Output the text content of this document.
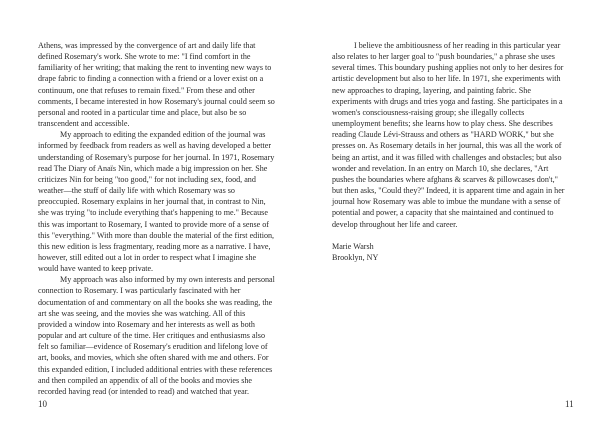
Athens, was impressed by the convergence of art and daily life that defined Rosemary's work. She wrote to me: "I find comfort in the familiarity of her writing; that making the rent to inventing new ways to drape fabric to finding a connection with a friend or a lover exist on a continuum, one that refuses to remain fixed." From these and other comments, I became interested in how Rosemary's journal could seem so personal and rooted in a particular time and place, but also be so transcendent and accessible.

My approach to editing the expanded edition of the journal was informed by feedback from readers as well as having developed a better understanding of Rosemary's purpose for her journal. In 1971, Rosemary read The Diary of Anaïs Nin, which made a big impression on her. She criticizes Nin for being "too good," for not including sex, food, and weather—the stuff of daily life with which Rosemary was so preoccupied. Rosemary explains in her journal that, in contrast to Nin, she was trying "to include everything that's happening to me." Because this was important to Rosemary, I wanted to provide more of a sense of this "everything." With more than double the material of the first edition, this new edition is less fragmentary, reading more as a narrative. I have, however, still edited out a lot in order to respect what I imagine she would have wanted to keep private.

My approach was also informed by my own interests and personal connection to Rosemary. I was particularly fascinated with her documentation of and commentary on all the books she was reading, the art she was seeing, and the movies she was watching. All of this provided a window into Rosemary and her interests as well as both popular and art culture of the time. Her critiques and enthusiasms also felt so familiar—evidence of Rosemary's erudition and lifelong love of art, books, and movies, which she often shared with me and others. For this expanded edition, I included additional entries with these references and then compiled an appendix of all of the books and movies she recorded having read (or intended to read) and watched that year.

10

I believe the ambitiousness of her reading in this particular year also relates to her larger goal to "push boundaries," a phrase she uses several times. This boundary pushing applies not only to her desires for artistic development but also to her life. In 1971, she experiments with new approaches to draping, layering, and painting fabric. She experiments with drugs and tries yoga and fasting. She participates in a women's consciousness-raising group; she illegally collects unemployment benefits; she learns how to play chess. She describes reading Claude Lévi-Strauss and others as "HARD WORK," but she presses on. As Rosemary details in her journal, this was all the work of being an artist, and it was filled with challenges and obstacles; but also wonder and revelation. In an entry on March 10, she declares, "Art pushes the boundaries where afghans & scarves & pillowcases don't," but then asks, "Could they?" Indeed, it is apparent time and again in her journal how Rosemary was able to imbue the mundane with a sense of potential and power, a capacity that she maintained and continued to develop throughout her life and career.

Marie Warsh
Brooklyn, NY
11
